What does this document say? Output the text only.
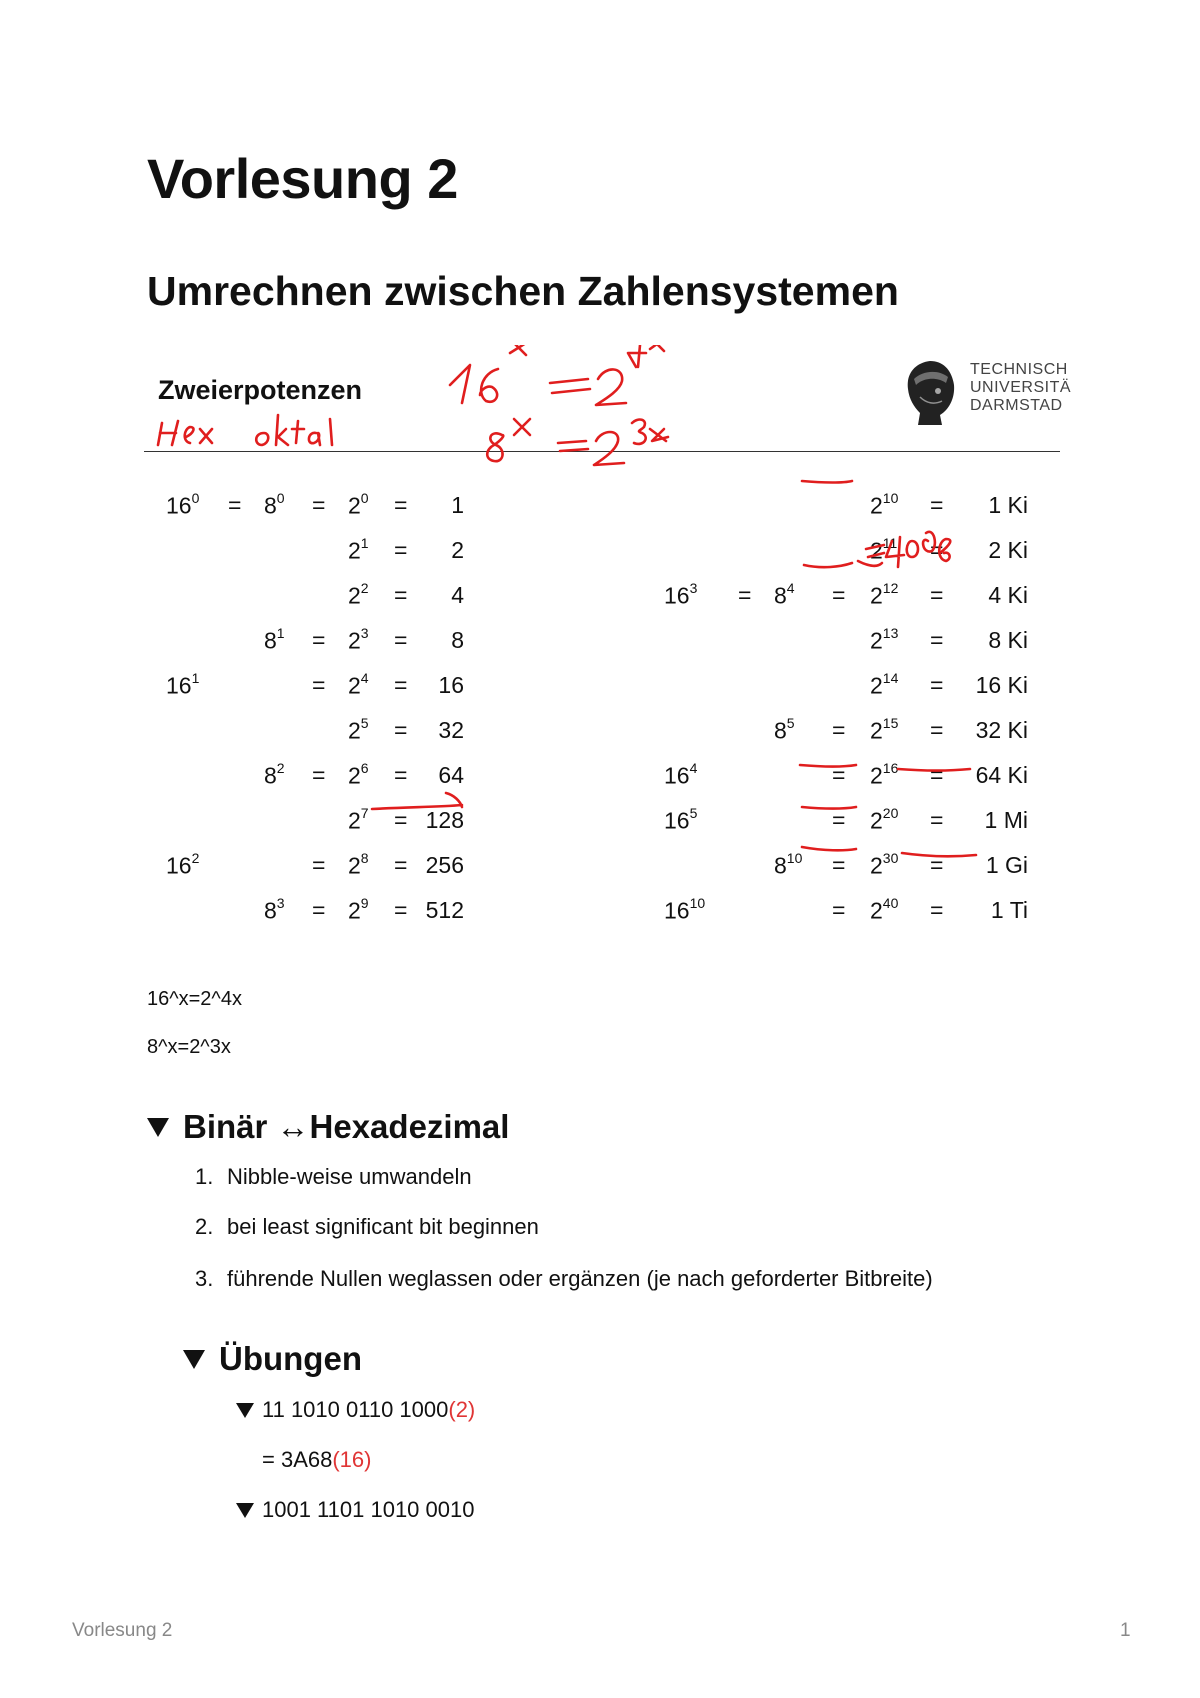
Vorlesung 2
Umrechnen zwischen Zahlensystemen
Zweierpotenzen
TECHNISCH
UNIVERSITÄ
DARMSTAD
$16^0 = 8^0 = 2^0$ =	1
$2^1$ =	2
$2^2$ =	4
$8^1 = 2^3$ =	8
$16^1$	= $2^4$ =	16
$2^5$ =	32
$8^2 = 2^6$ =	64
$2^7 = 128$
$16^2$	= $2^8 = 256$
$8^3 = 2^9 = 512$
$2^{10}$ =	1 Ki
$2^{11}$ =	2 Ki
$16^3 = 8^4 = 2^{12}$ =	4 Ki
$2^{13}$ =	8 Ki
$2^{14}$ =	16 Ki
$8^5 = 2^{15}$ =	32 Ki
$16^4$	= $2^{16}$ =	64 Ki
$16^5$	= $2^{20}$ =	1 Mi
$8^{10} = 2^{30}$ =	1 Gi
$16^{10}$	= $2^{40}$ =	1 Ti
16^x=2^4x
8^x=2^3x
Binär ↔Hexadezimal
1. Nibble-weise umwandeln
2. bei least significant bit beginnen
3. führende Nullen weglassen oder ergänzen (je nach geforderter Bitbreite)
Übungen
11 1010 0110 1000 (2)
= 3A68 (16)
1001 1101 1010 0010
Vorlesung 2	1
